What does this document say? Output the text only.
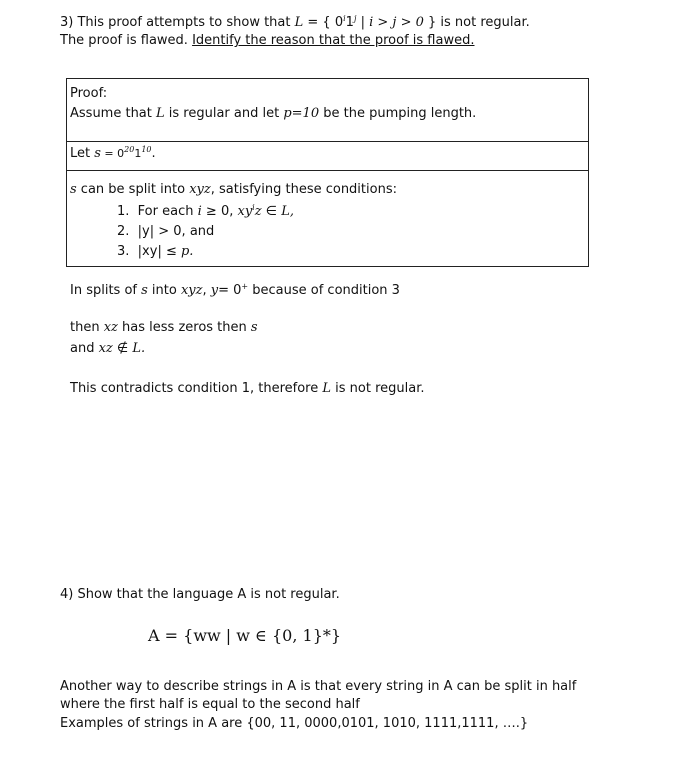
3) This proof attempts to show that L = { 0$^i$1$^j$ | i > j > 0 } is not regular.
The proof is flawed. Identify the reason that the proof is flawed.
Proof:
Assume that L is regular and let p=10 be the pumping length.
Let $s = 0^{20}1^{10}$.
s can be split into xyz, satisfying these conditions:
1. For each i ≥ 0, $xy^iz$ ∈ L,
2. |y| > 0, and
3. |xy| ≤ p.
In splits of s into xyz, y= 0+ because of condition 3
then xz has less zeros then s
and xz ∉ L.
This contradicts condition 1, therefore L is not regular.
4) Show that the language A is not regular.
A = {ww | w ∈ {0, 1}*}
Another way to describe strings in A is that every string in A can be split in half
where the first half is equal to the second half
Examples of strings in A are {00, 11, 0000,0101, 1010, 1111,1111, ….}
